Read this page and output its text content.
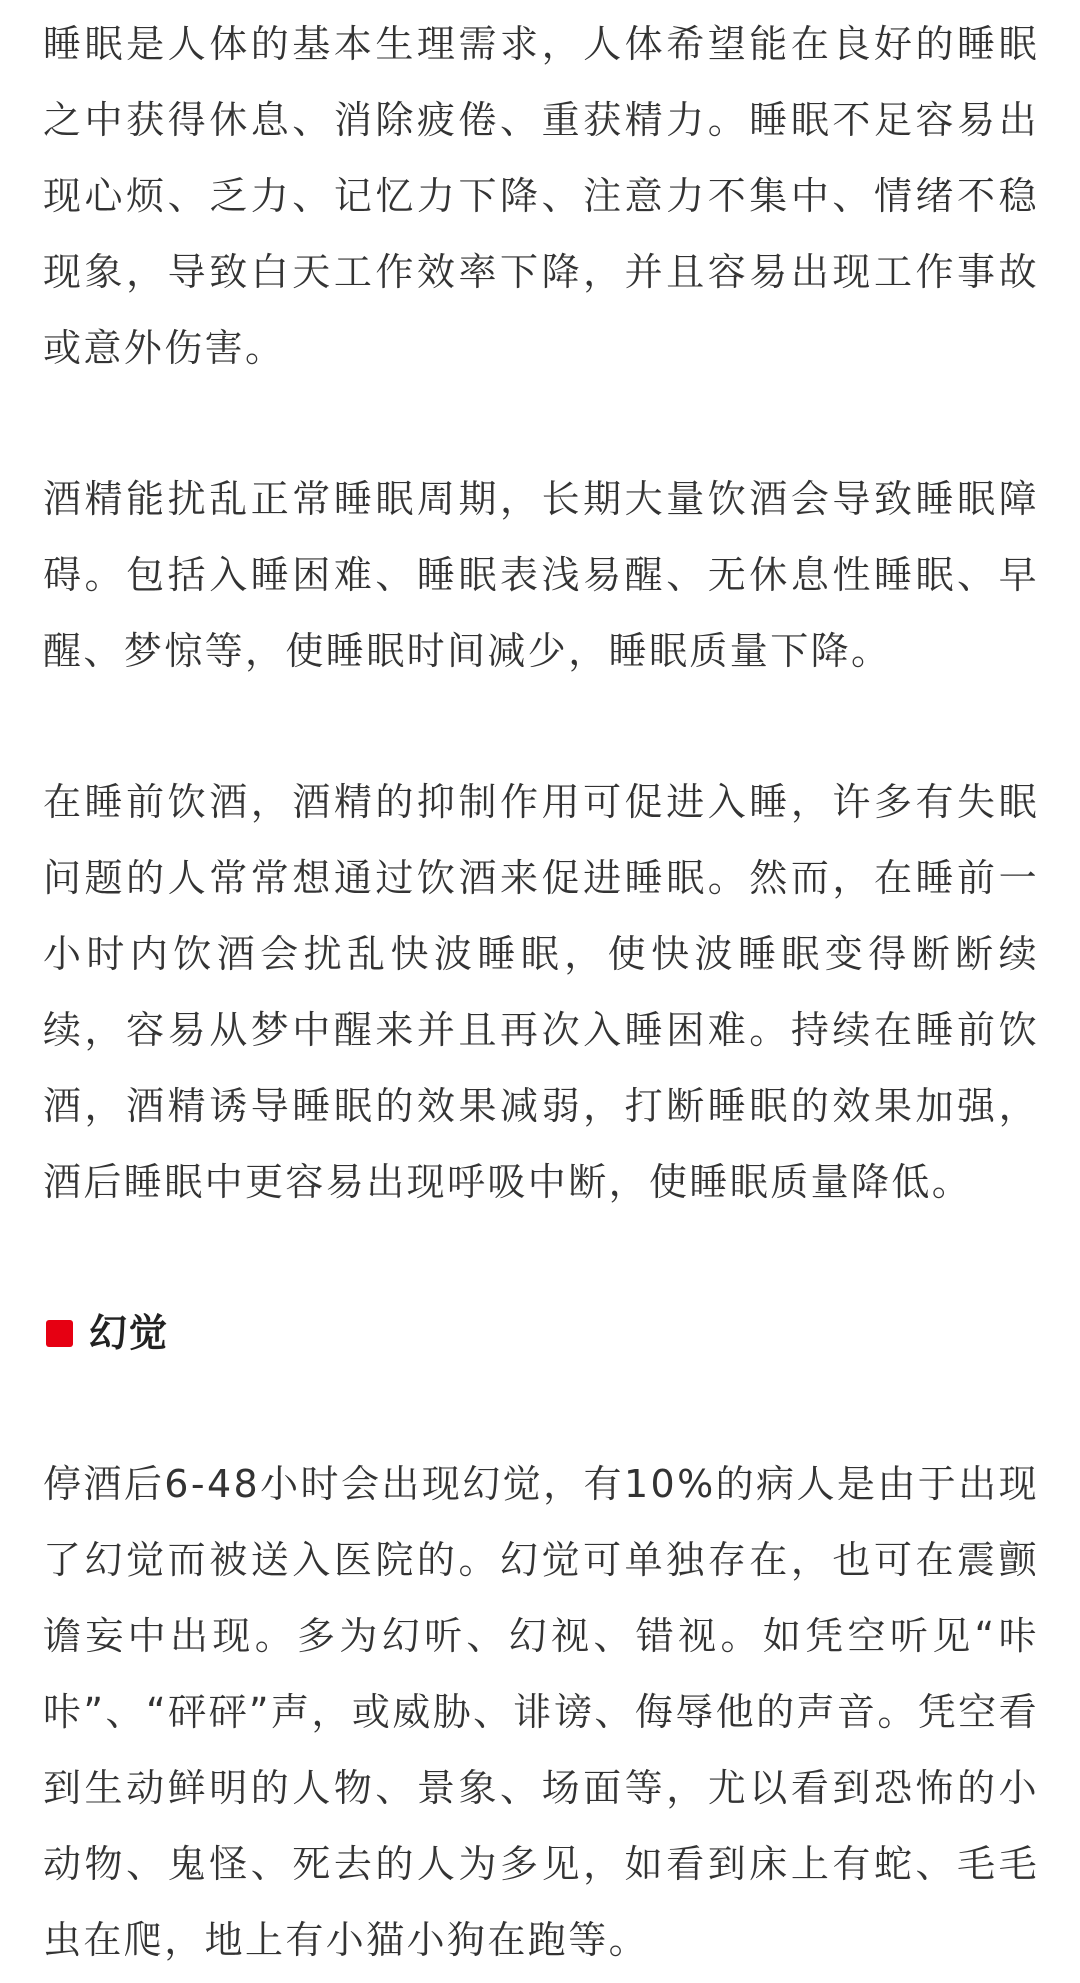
睡眠是人体的基本生理需求，人体希望能在良好的睡眠之中获得休息、消除疲倦、重获精力。睡眠不足容易出现心烦、乏力、记忆力下降、注意力不集中、情绪不稳现象，导致白天工作效率下降，并且容易出现工作事故或意外伤害。

酒精能扰乱正常睡眠周期，长期大量饮酒会导致睡眠障碍。包括入睡困难、睡眠表浅易醒、无休息性睡眠、早醒、梦惊等，使睡眠时间减少，睡眠质量下降。

在睡前饮酒，酒精的抑制作用可促进入睡，许多有失眠问题的人常常想通过饮酒来促进睡眠。然而，在睡前一小时内饮酒会扰乱快波睡眠，使快波睡眠变得断断续续，容易从梦中醒来并且再次入睡困难。持续在睡前饮酒，酒精诱导睡眠的效果减弱，打断睡眠的效果加强，酒后睡眠中更容易出现呼吸中断，使睡眠质量降低。

幻觉

停酒后6-48小时会出现幻觉，有10%的病人是由于出现了幻觉而被送入医院的。幻觉可单独存在，也可在震颤谵妄中出现。多为幻听、幻视、错视。如凭空听见“咔咔”、“砰砰”声，或威胁、诽谤、侮辱他的声音。凭空看到生动鲜明的人物、景象、场面等，尤以看到恐怖的小动物、鬼怪、死去的人为多见，如看到床上有蛇、毛毛虫在爬，地上有小猫小狗在跑等。
